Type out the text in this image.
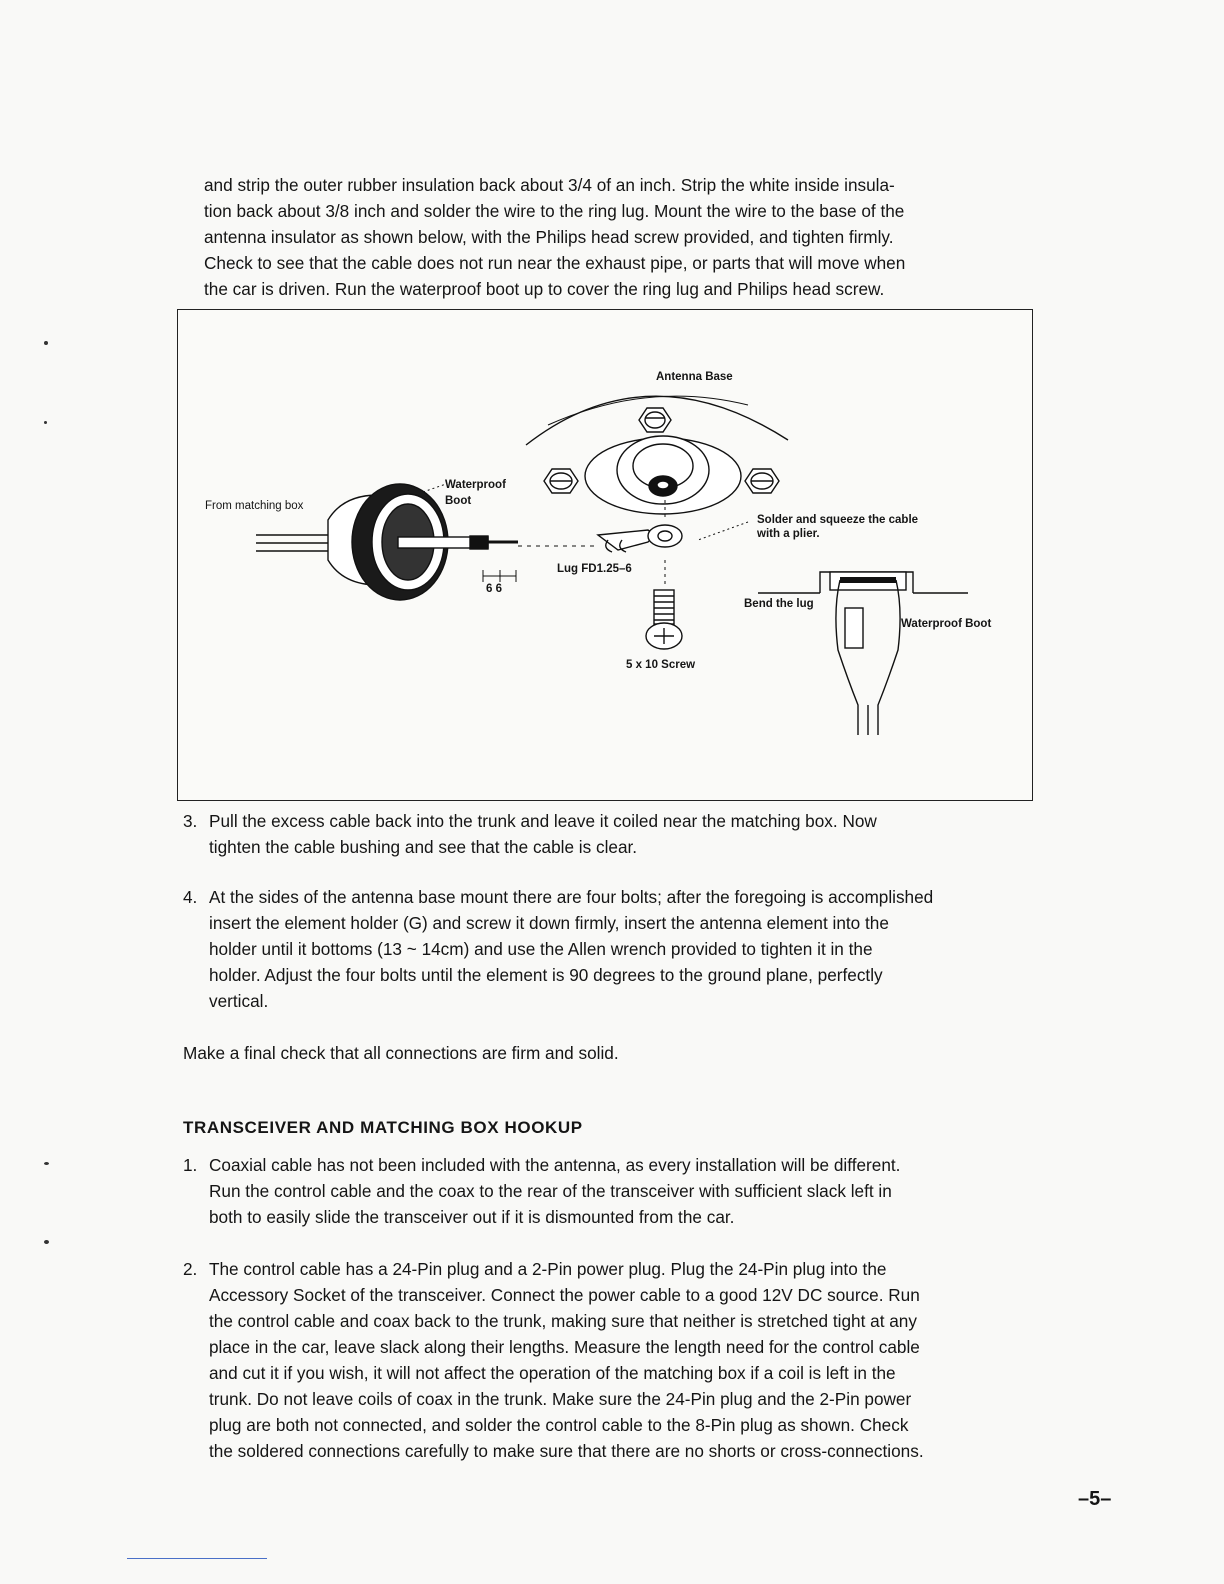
and strip the outer rubber insulation back about 3/4 of an inch. Strip the white inside insula-

tion back about 3/8 inch and solder the wire to the ring lug. Mount the wire to the base of the

antenna insulator as shown below, with the Philips head screw provided, and tighten firmly.

Check to see that the cable does not run near the exhaust pipe, or parts that will move when

the car is driven. Run the waterproof boot up to cover the ring lug and Philips head screw.

Antenna Base
From matching box
Waterproof
Boot
Solder and squeeze the cable
with a plier.
Lug FD1.25–6
6 6
Bend the lug
Waterproof Boot
5 x 10 Screw
3. Pull the excess cable back into the trunk and leave it coiled near the matching box. Now

tighten the cable bushing and see that the cable is clear.

4. At the sides of the antenna base mount there are four bolts; after the foregoing is accomplished

insert the element holder (G) and screw it down firmly, insert the antenna element into the

holder until it bottoms (13 ~ 14cm) and use the Allen wrench provided to tighten it in the

holder. Adjust the four bolts until the element is 90 degrees to the ground plane, perfectly

vertical.

Make a final check that all connections are firm and solid.
TRANSCEIVER AND MATCHING BOX HOOKUP
1. Coaxial cable has not been included with the antenna, as every installation will be different.

Run the control cable and the coax to the rear of the transceiver with sufficient slack left in

both to easily slide the transceiver out if it is dismounted from the car.

2. The control cable has a 24-Pin plug and a 2-Pin power plug. Plug the 24-Pin plug into the

Accessory Socket of the transceiver. Connect the power cable to a good 12V DC source. Run

the control cable and coax back to the trunk, making sure that neither is stretched tight at any

place in the car, leave slack along their lengths. Measure the length need for the control cable

and cut it if you wish, it will not affect the operation of the matching box if a coil is left in the

trunk. Do not leave coils of coax in the trunk. Make sure the 24-Pin plug and the 2-Pin power

plug are both not connected, and solder the control cable to the 8-Pin plug as shown. Check

the soldered connections carefully to make sure that there are no shorts or cross-connections.

–5–
